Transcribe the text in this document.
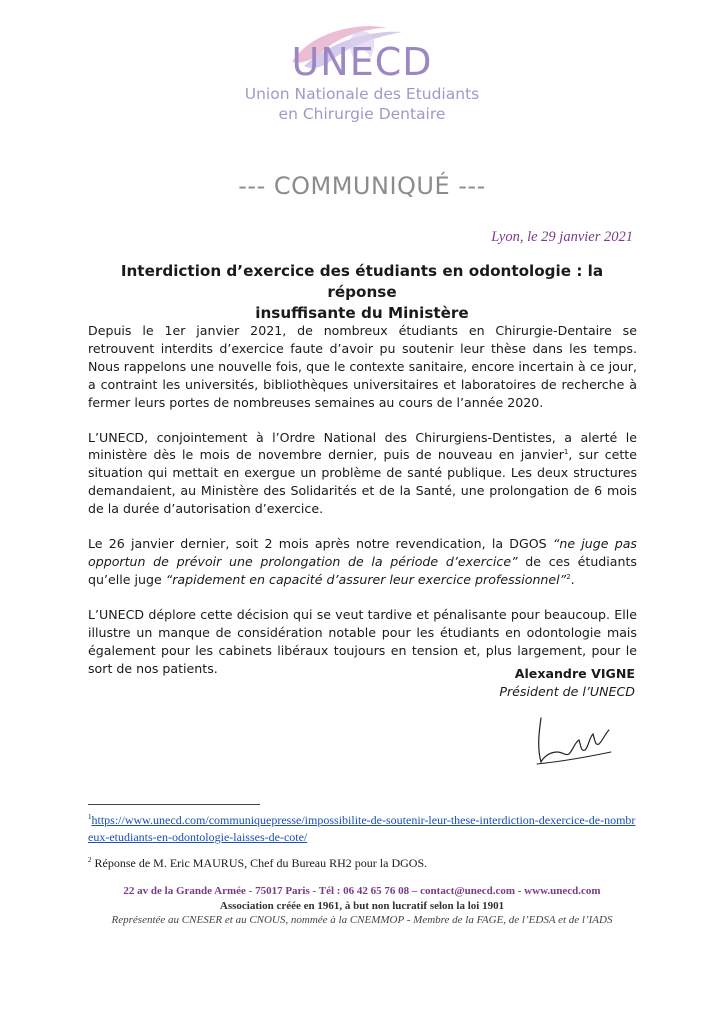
UNECD
Union Nationale des Etudiants
en Chirurgie Dentaire
--- COMMUNIQUÉ ---
Lyon, le 29 janvier 2021
Interdiction d’exercice des étudiants en odontologie : la réponse
insuffisante du Ministère

Depuis le 1er janvier 2021, de nombreux étudiants en Chirurgie-Dentaire se retrouvent interdits d’exercice faute d’avoir pu soutenir leur thèse dans les temps. Nous rappelons une nouvelle fois, que le contexte sanitaire, encore incertain à ce jour, a contraint les universités, bibliothèques universitaires et laboratoires de recherche à fermer leurs portes de nombreuses semaines au cours de l’année 2020.

L’UNECD, conjointement à l’Ordre National des Chirurgiens-Dentistes, a alerté le ministère dès le mois de novembre dernier, puis de nouveau en janvier$^1$, sur cette situation qui mettait en exergue un problème de santé publique. Les deux structures demandaient, au Ministère des Solidarités et de la Santé, une prolongation de 6 mois de la durée d’autorisation d’exercice.

Le 26 janvier dernier, soit 2 mois après notre revendication, la DGOS “ne juge pas opportun de prévoir une prolongation de la période d’exercice” de ces étudiants qu’elle juge “rapidement en capacité d’assurer leur exercice professionnel”$^2$.

L’UNECD déplore cette décision qui se veut tardive et pénalisante pour beaucoup. Elle illustre un manque de considération notable pour les étudiants en odontologie mais également pour les cabinets libéraux toujours en tension et, plus largement, pour le sort de nos patients.	Alexandre VIGNE
Président de l’UNECD
$^1$https://www.unecd.com/communiquepresse/impossibilite-de-soutenir-leur-these-interdiction-dexercice-de-nombreux-etudiants-en-odontologie-laisses-de-cote/
$^2$ Réponse de M. Eric MAURUS, Chef du Bureau RH2 pour la DGOS.
22 av de la Grande Armée - 75017 Paris - Tél : 06 42 65 76 08 – contact@unecd.com - www.unecd.com
Association créée en 1961, à but non lucratif selon la loi 1901
Représentée au CNESER et au CNOUS, nommée à la CNEMMOP - Membre de la FAGE, de l’EDSA et de l’IADS
